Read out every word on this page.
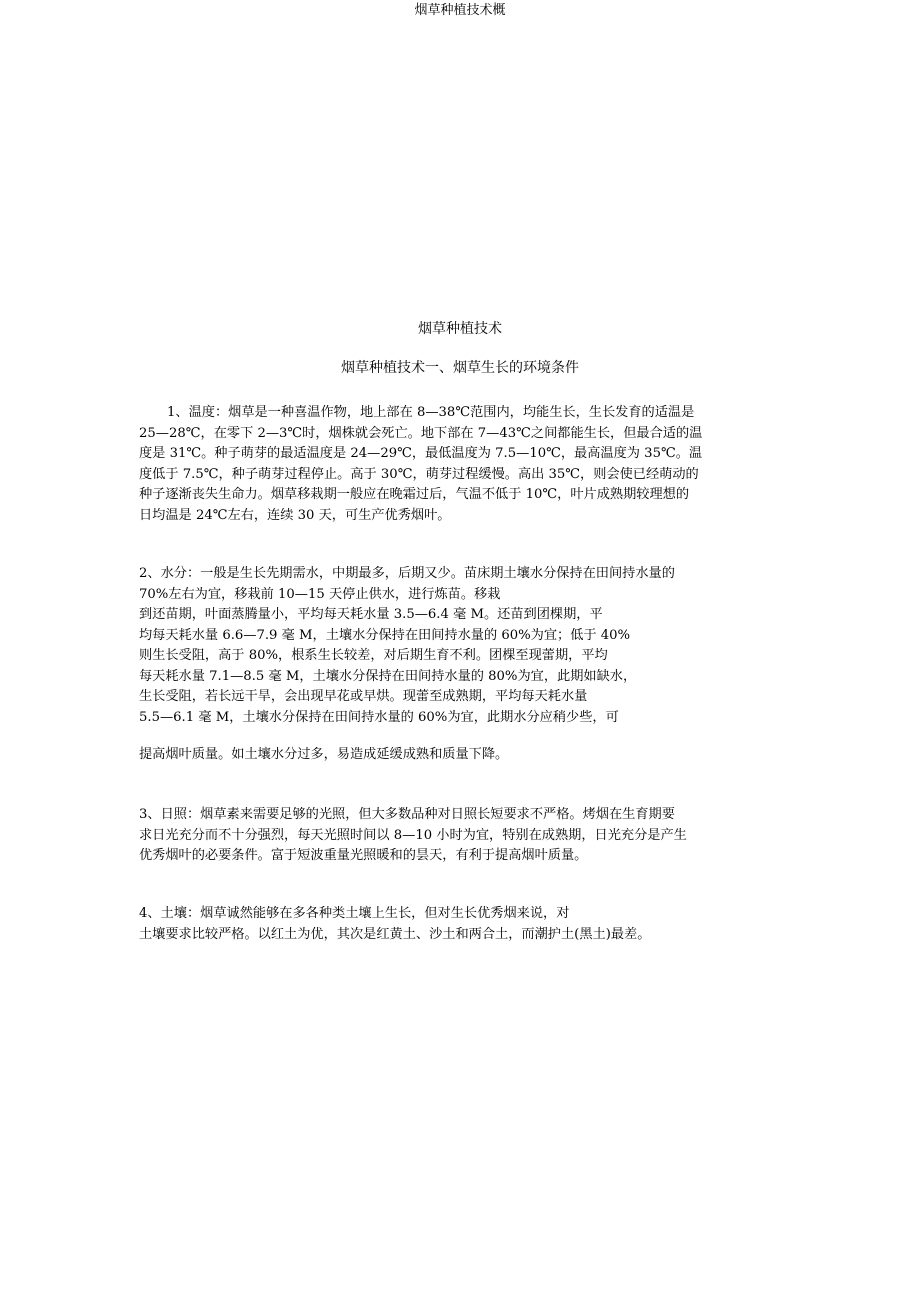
烟草种植技术概
烟草种植技术
烟草种植技术一、烟草生长的环境条件
1、温度：烟草是一种喜温作物，地上部在 8—38℃范围内，均能生长，生长发育的适温是
25—28℃，在零下 2—3℃时，烟株就会死亡。地下部在 7—43℃之间都能生长，但最合适的温
度是 31℃。种子萌芽的最适温度是 24—29℃，最低温度为 7.5—10℃，最高温度为 35℃。温
度低于 7.5℃，种子萌芽过程停止。高于 30℃，萌芽过程缓慢。高出 35℃，则会使已经萌动的
种子逐渐丧失生命力。烟草移栽期一般应在晚霜过后，气温不低于 10℃，叶片成熟期较理想的
日均温是 24℃左右，连续 30 天，可生产优秀烟叶。
2、水分：一般是生长先期需水，中期最多，后期又少。苗床期土壤水分保持在田间持水量的
70%左右为宜，移栽前 10—15 天停止供水，进行炼苗。移栽
到还苗期，叶面蒸腾量小，平均每天耗水量 3.5—6.4 毫 M。还苗到团棵期，平
均每天耗水量 6.6—7.9 毫 M，土壤水分保持在田间持水量的 60%为宜；低于 40%
则生长受阻，高于 80%，根系生长较差，对后期生育不利。团棵至现蕾期，平均
每天耗水量 7.1—8.5 毫 M，土壤水分保持在田间持水量的 80%为宜，此期如缺水，
生长受阻，若长远干旱，会出现早花或早烘。现蕾至成熟期，平均每天耗水量
5.5—6.1 毫 M，土壤水分保持在田间持水量的 60%为宜，此期水分应稍少些，可
提高烟叶质量。如土壤水分过多，易造成延缓成熟和质量下降。
3、日照：烟草素来需要足够的光照，但大多数品种对日照长短要求不严格。烤烟在生育期要
求日光充分而不十分强烈，每天光照时间以 8—10 小时为宜，特别在成熟期，日光充分是产生
优秀烟叶的必要条件。富于短波重量光照暖和的昙天，有利于提高烟叶质量。
4、土壤：烟草诚然能够在多各种类土壤上生长，但对生长优秀烟来说，对
土壤要求比较严格。以红土为优，其次是红黄土、沙土和两合土，而潮护土(黑土)最差。
